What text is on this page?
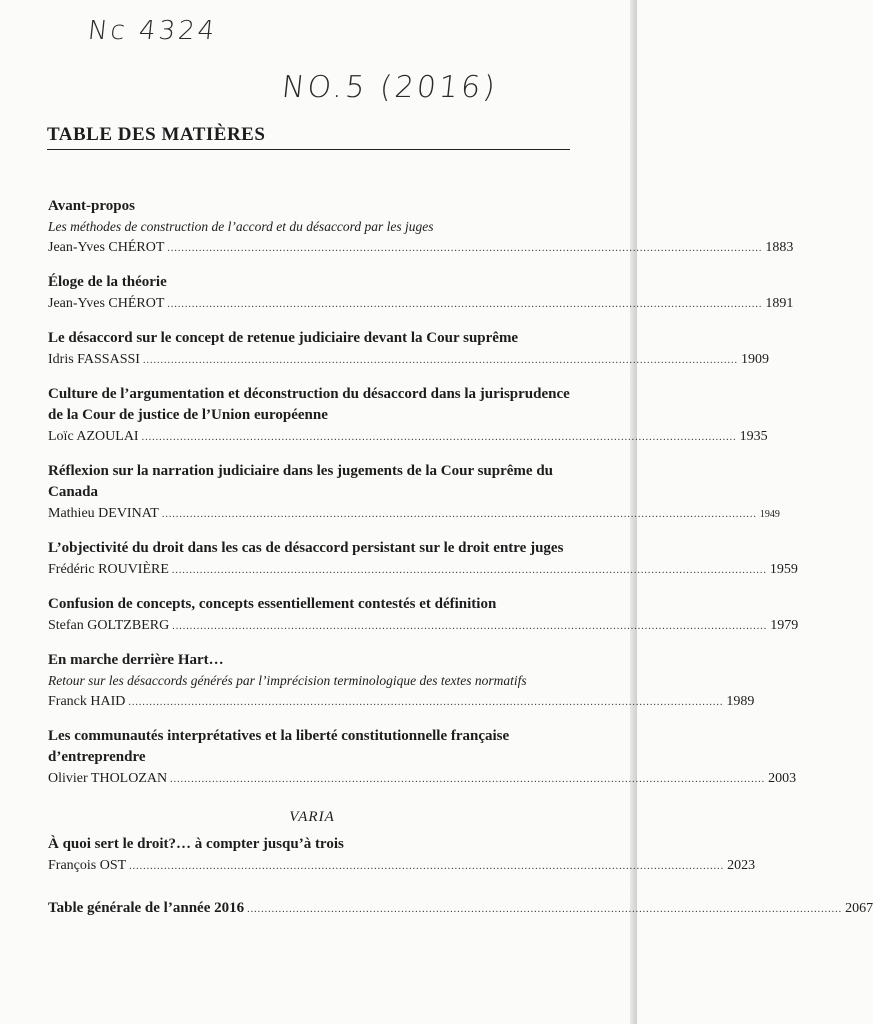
Nc 4324
NO.5 (2016)
TABLE DES MATIÈRES
Avant-propos
Les méthodes de construction de l’accord et du désaccord par les juges
Jean-Yves CHÉROT .......................................................................................................................................................................... 1883
Éloge de la théorie
Jean-Yves CHÉROT .......................................................................................................................................................................... 1891
Le désaccord sur le concept de retenue judiciaire devant la Cour suprême
Idris FASSASSI .......................................................................................................................................................................... 1909
Culture de l’argumentation et déconstruction du désaccord dans la jurisprudence de la Cour de justice de l’Union européenne
Loïc AZOULAI .......................................................................................................................................................................... 1935
Réflexion sur la narration judiciaire dans les jugements de la Cour suprême du Canada
Mathieu DEVINAT .......................................................................................................................................................................... 1949
L’objectivité du droit dans les cas de désaccord persistant sur le droit entre juges
Frédéric ROUVIÈRE .......................................................................................................................................................................... 1959
Confusion de concepts, concepts essentiellement contestés et définition
Stefan GOLTZBERG .......................................................................................................................................................................... 1979
En marche derrière Hart…
Retour sur les désaccords générés par l’imprécision terminologique des textes normatifs
Franck HAID .......................................................................................................................................................................... 1989
Les communautés interprétatives et la liberté constitutionnelle française d’entreprendre
Olivier THOLOZAN .......................................................................................................................................................................... 2003
VARIA
À quoi sert le droit?… à compter jusqu’à trois
François OST .......................................................................................................................................................................... 2023
Table générale de l’année 2016 .......................................................................................................................................................................... 2067
